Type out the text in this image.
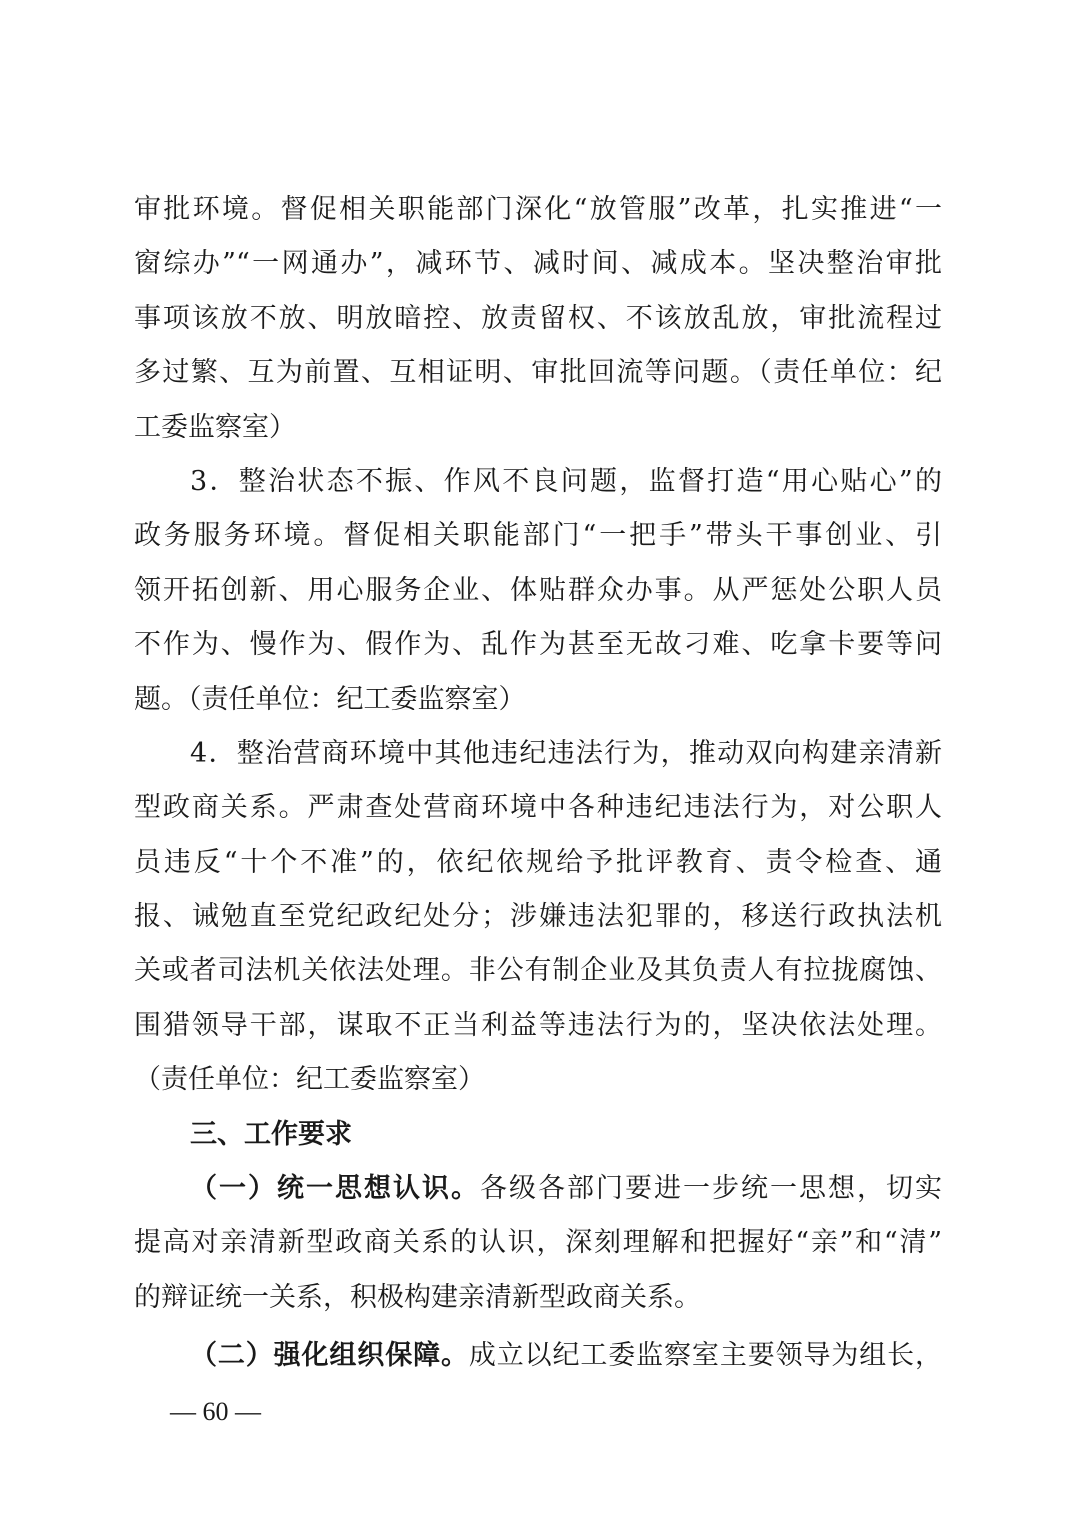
审批环境。督促相关职能部门深化“放管服”改革，扎实推进“一
窗综办”“一网通办”，减环节、减时间、减成本。坚决整治审批
事项该放不放、明放暗控、放责留权、不该放乱放，审批流程过
多过繁、互为前置、互相证明、审批回流等问题。（责任单位：纪
工委监察室）
3．整治状态不振、作风不良问题，监督打造“用心贴心”的
政务服务环境。督促相关职能部门“一把手”带头干事创业、引
领开拓创新、用心服务企业、体贴群众办事。从严惩处公职人员
不作为、慢作为、假作为、乱作为甚至无故刁难、吃拿卡要等问
题。（责任单位：纪工委监察室）
4．整治营商环境中其他违纪违法行为，推动双向构建亲清新
型政商关系。严肃查处营商环境中各种违纪违法行为，对公职人
员违反“十个不准”的，依纪依规给予批评教育、责令检查、通
报、诫勉直至党纪政纪处分；涉嫌违法犯罪的，移送行政执法机
关或者司法机关依法处理。非公有制企业及其负责人有拉拢腐蚀、
围猎领导干部，谋取不正当利益等违法行为的，坚决依法处理。
（责任单位：纪工委监察室）
三、工作要求
（一）统一思想认识。各级各部门要进一步统一思想，切实
提高对亲清新型政商关系的认识，深刻理解和把握好“亲”和“清”
的辩证统一关系，积极构建亲清新型政商关系。
（二）强化组织保障。成立以纪工委监察室主要领导为组长，
— 60 —
